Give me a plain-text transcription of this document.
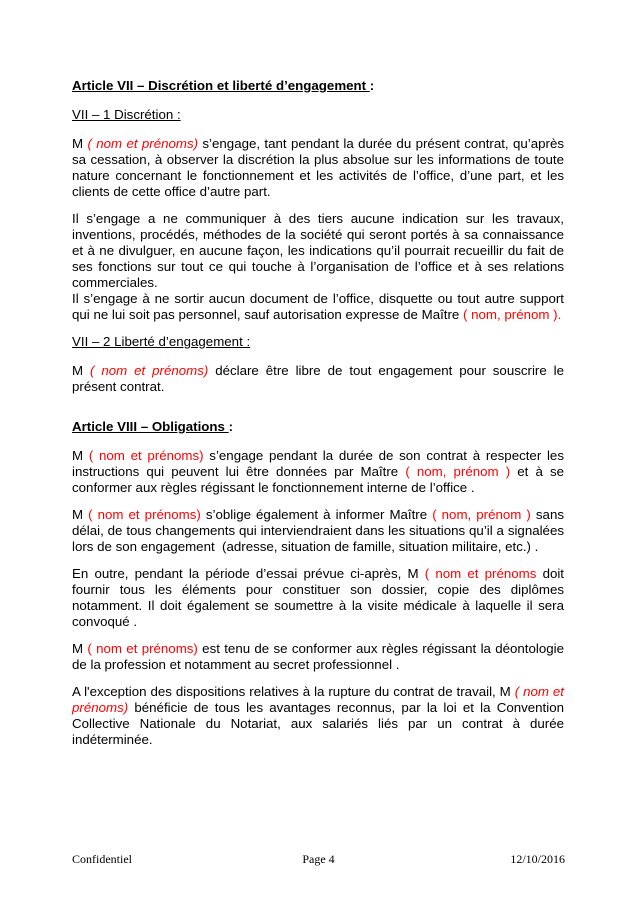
Article VII – Discrétion et liberté d’engagement :
VII – 1 Discrétion :

M ( nom et prénoms) s’engage, tant pendant la durée du présent contrat, qu’après sa cessation, à observer la discrétion la plus absolue sur les informations de toute nature concernant le fonctionnement et les activités de l’office, d’une part, et les clients de cette office d’autre part.

Il s’engage a ne communiquer à des tiers aucune indication sur les travaux, inventions, procédés, méthodes de la société qui seront portés à sa connaissance et à ne divulguer, en aucune façon, les indications qu’il pourrait recueillir du fait de ses fonctions sur tout ce qui touche à l’organisation de l’office et à ses relations commerciales.
Il s’engage à ne sortir aucun document de l’office, disquette ou tout autre support qui ne lui soit pas personnel, sauf autorisation expresse de Maître ( nom, prénom ).

VII – 2 Liberté d’engagement :

M ( nom et prénoms) déclare être libre de tout engagement pour souscrire le présent contrat.

Article VIII – Obligations :

M ( nom et prénoms) s’engage pendant la durée de son contrat à respecter les instructions qui peuvent lui être données par Maître ( nom, prénom ) et à se conformer aux règles régissant le fonctionnement interne de l’office .

M ( nom et prénoms) s’oblige également à informer Maître ( nom, prénom ) sans délai, de tous changements qui interviendraient dans les situations qu’il a signalées lors de son engagement  (adresse, situation de famille, situation militaire, etc.) .

En outre, pendant la période d’essai prévue ci-après, M ( nom et prénoms doit fournir tous les éléments pour constituer son dossier, copie des diplômes notamment. Il doit également se soumettre à la visite médicale à laquelle il sera convoqué .

M ( nom et prénoms) est tenu de se conformer aux règles régissant la déontologie de la profession et notamment au secret professionnel .

A l'exception des dispositions relatives à la rupture du contrat de travail, M ( nom et prénoms) bénéficie de tous les avantages reconnus, par la loi et la Convention Collective Nationale du Notariat, aux salariés liés par un contrat à durée indéterminée.

Confidentiel	Page 4	12/10/2016
